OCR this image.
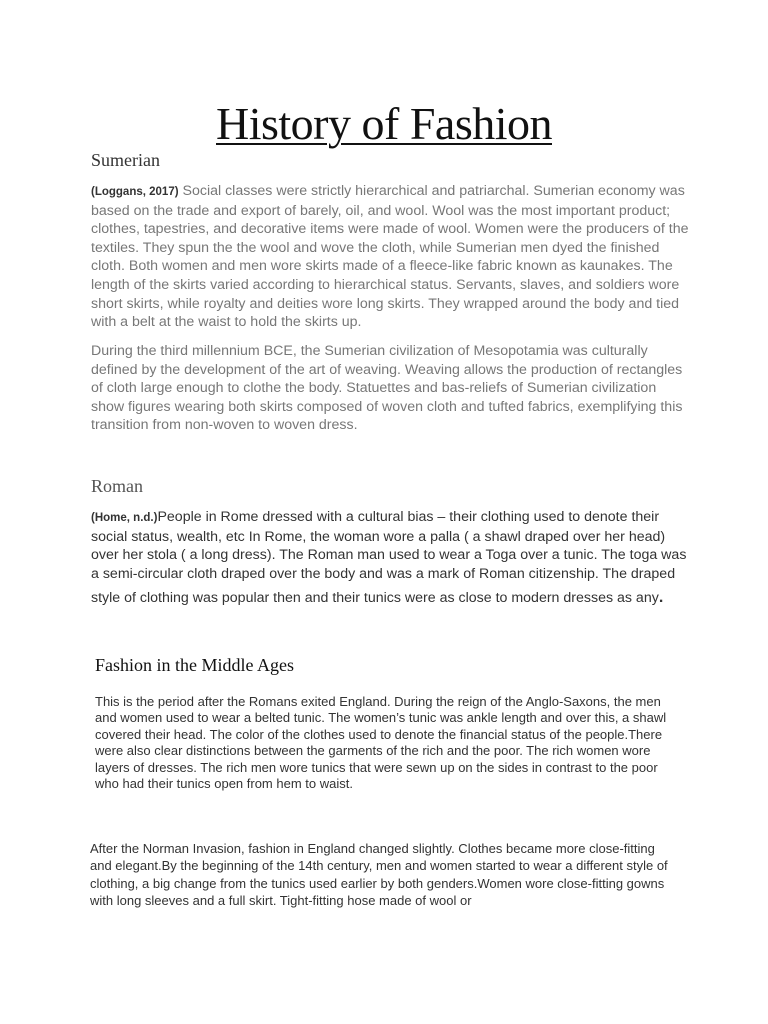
History of Fashion
Sumerian

(Loggans, 2017) Social classes were strictly hierarchical and patriarchal. Sumerian economy was based on the trade and export of barely, oil, and wool. Wool was the most important product; clothes, tapestries, and decorative items were made of wool. Women were the producers of the textiles. They spun the the wool and wove the cloth, while Sumerian men dyed the finished cloth. Both women and men wore skirts made of a fleece-like fabric known as kaunakes. The length of the skirts varied according to hierarchical status. Servants, slaves, and soldiers wore short skirts, while royalty and deities wore long skirts. They wrapped around the body and tied with a belt at the waist to hold the skirts up.

During the third millennium BCE, the Sumerian civilization of Mesopotamia was culturally defined by the development of the art of weaving. Weaving allows the production of rectangles of cloth large enough to clothe the body. Statuettes and bas-reliefs of Sumerian civilization show figures wearing both skirts composed of woven cloth and tufted fabrics, exemplifying this transition from non-woven to woven dress.

Roman

(Home, n.d.)People in Rome dressed with a cultural bias – their clothing used to denote their social status, wealth, etc In Rome, the woman wore a palla ( a shawl draped over her head) over her stola ( a long dress). The Roman man used to wear a Toga over a tunic. The toga was a semi-circular cloth draped over the body and was a mark of Roman citizenship. The draped
style of clothing was popular then and their tunics were as close to modern dresses as any.

Fashion in the Middle Ages

This is the period after the Romans exited England. During the reign of the Anglo-Saxons, the men and women used to wear a belted tunic. The women’s tunic was ankle length and over this, a shawl covered their head. The color of the clothes used to denote the financial status of the people.There were also clear distinctions between the garments of the rich and the poor. The rich women wore layers of dresses. The rich men wore tunics that were sewn up on the sides in contrast to the poor who had their tunics open from hem to waist.

After the Norman Invasion, fashion in England changed slightly. Clothes became more close-fitting and elegant.By the beginning of the 14th century, men and women started to wear a different style of clothing, a big change from the tunics used earlier by both genders.Women wore close-fitting gowns with long sleeves and a full skirt. Tight-fitting hose made of wool or
